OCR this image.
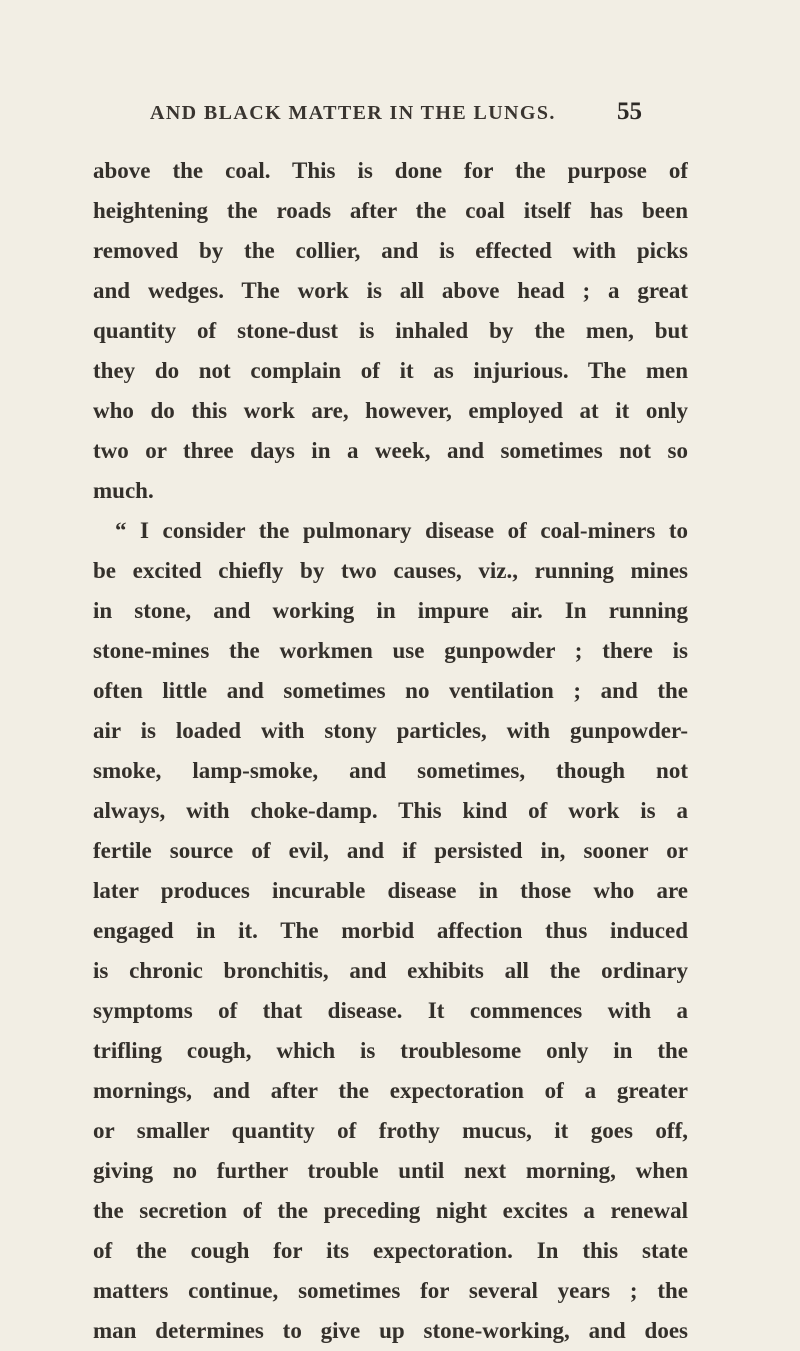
AND BLACK MATTER IN THE LUNGS. 55
above the coal. This is done for the purpose of
heightening the roads after the coal itself has been
removed by the collier, and is effected with picks
and wedges. The work is all above head ; a great
quantity of stone-dust is inhaled by the men, but
they do not complain of it as injurious. The men
who do this work are, however, employed at it only
two or three days in a week, and sometimes not so
much.
“ I consider the pulmonary disease of coal-miners to
be excited chiefly by two causes, viz., running mines
in stone, and working in impure air. In running
stone-mines the workmen use gunpowder ; there is
often little and sometimes no ventilation ; and the
air is loaded with stony particles, with gunpowder-
smoke, lamp-smoke, and sometimes, though not
always, with choke-damp. This kind of work is a
fertile source of evil, and if persisted in, sooner or
later produces incurable disease in those who are
engaged in it. The morbid affection thus induced
is chronic bronchitis, and exhibits all the ordinary
symptoms of that disease. It commences with a
trifling cough, which is troublesome only in the
mornings, and after the expectoration of a greater
or smaller quantity of frothy mucus, it goes off,
giving no further trouble until next morning, when
the secretion of the preceding night excites a renewal
of the cough for its expectoration. In this state
matters continue, sometimes for several years ; the
man determines to give up stone-working, and does
